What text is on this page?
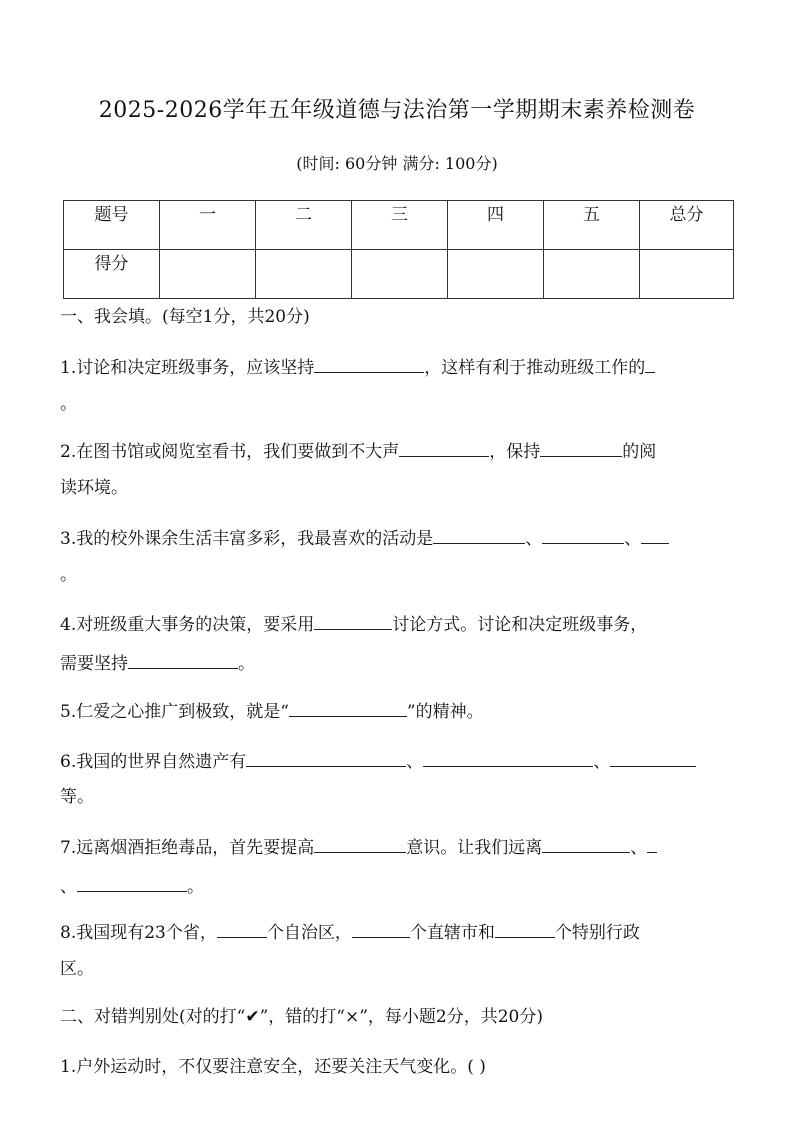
2025-2026学年五年级道德与法治第一学期期末素养检测卷
(时间: 60分钟 满分: 100分)
题号	一	二	三	四	五	总分
得分						
一、我会填。(每空1分，共20分)
1.讨论和决定班级事务，应该坚持	，这样有利于推动班级工作的
。
2.在图书馆或阅览室看书，我们要做到不大声	，保持	的阅
读环境。
3.我的校外课余生活丰富多彩，我最喜欢的活动是	、	、
。
4.对班级重大事务的决策，要采用	讨论方式。讨论和决定班级事务，
需要坚持	。
5.仁爱之心推广到极致，就是“	”的精神。
6.我国的世界自然遗产有	、	、
等。
7.远离烟酒拒绝毒品，首先要提高	意识。让我们远离	、
、	。
8.我国现有23个省，	个自治区，	个直辖市和	个特别行政
区。
二、对错判别处(对的打“✔”，错的打“×”，每小题2分，共20分)
1.户外运动时，不仅要注意安全，还要关注天气变化。( )
